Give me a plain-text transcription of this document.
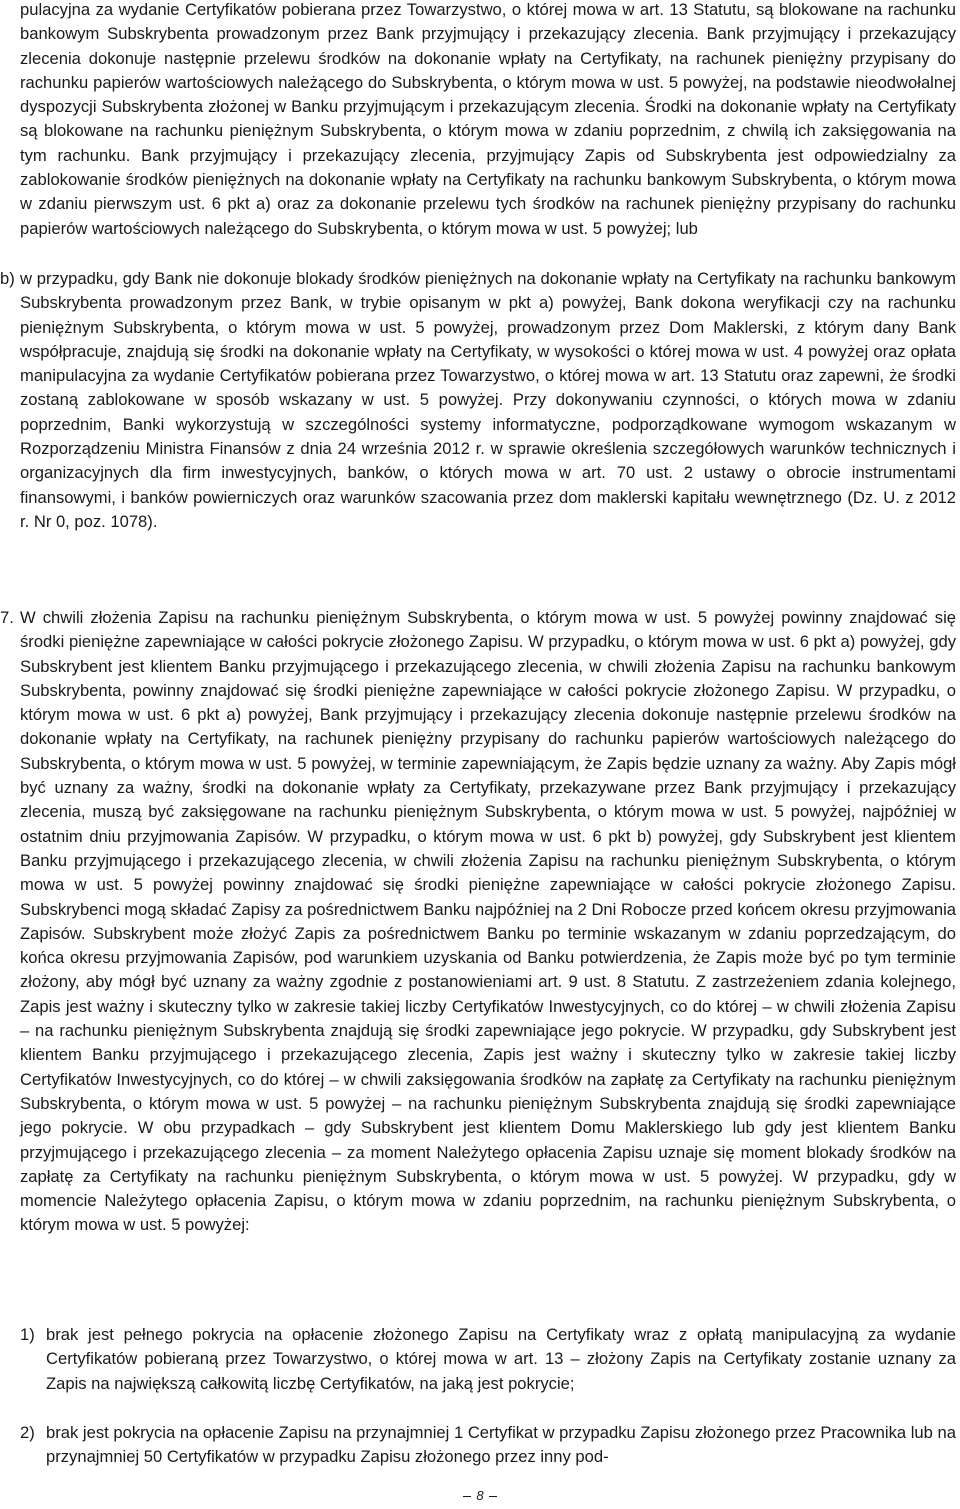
pulacyjna za wydanie Certyfikatów pobierana przez Towarzystwo, o której mowa w art. 13 Statutu, są blokowane na rachunku bankowym Subskrybenta prowadzonym przez Bank przyjmujący i przekazujący zlecenia. Bank przyjmujący i przekazujący zlecenia dokonuje następnie przelewu środków na dokonanie wpłaty na Certyfikaty, na rachunek pieniężny przypisany do rachunku papierów wartościowych należącego do Subskrybenta, o którym mowa w ust. 5 powyżej, na podstawie nieodwołalnej dyspozycji Subskrybenta złożonej w Banku przyjmującym i przekazującym zlecenia. Środki na dokonanie wpłaty na Certyfikaty są blokowane na rachunku pieniężnym Subskrybenta, o którym mowa w zdaniu poprzednim, z chwilą ich zaksięgowania na tym rachunku. Bank przyjmujący i przekazujący zlecenia, przyjmujący Zapis od Subskrybenta jest odpowiedzialny za zablokowanie środków pieniężnych na dokonanie wpłaty na Certyfikaty na rachunku bankowym Subskrybenta, o którym mowa w zdaniu pierwszym ust. 6 pkt a) oraz za dokonanie przelewu tych środków na rachunek pieniężny przypisany do rachunku papierów wartościowych należącego do Subskrybenta, o którym mowa w ust. 5 powyżej; lub

b) w przypadku, gdy Bank nie dokonuje blokady środków pieniężnych na dokonanie wpłaty na Certyfikaty na rachunku bankowym Subskrybenta prowadzonym przez Bank, w trybie opisanym w pkt a) powyżej, Bank dokona weryfikacji czy na rachunku pieniężnym Subskrybenta, o którym mowa w ust. 5 powyżej, prowadzonym przez Dom Maklerski, z którym dany Bank współpracuje, znajdują się środki na dokonanie wpłaty na Certyfikaty, w wysokości o której mowa w ust. 4 powyżej oraz opłata manipulacyjna za wydanie Certyfikatów pobierana przez Towarzystwo, o której mowa w art. 13 Statutu oraz zapewni, że środki zostaną zablokowane w sposób wskazany w ust. 5 powyżej. Przy dokonywaniu czynności, o których mowa w zdaniu poprzednim, Banki wykorzystują w szczególności systemy informatyczne, podporządkowane wymogom wskazanym w Rozporządzeniu Ministra Finansów z dnia 24 września 2012 r. w sprawie określenia szczegółowych warunków technicznych i organizacyjnych dla firm inwestycyjnych, banków, o których mowa w art. 70 ust. 2 ustawy o obrocie instrumentami finansowymi, i banków powierniczych oraz warunków szacowania przez dom maklerski kapitału wewnętrznego (Dz. U. z 2012 r. Nr 0, poz. 1078).
7. W chwili złożenia Zapisu na rachunku pieniężnym Subskrybenta, o którym mowa w ust. 5 powyżej powinny znajdować się środki pieniężne zapewniające w całości pokrycie złożonego Zapisu. W przypadku, o którym mowa w ust. 6 pkt a) powyżej, gdy Subskrybent jest klientem Banku przyjmującego i przekazującego zlecenia, w chwili złożenia Zapisu na rachunku bankowym Subskrybenta, powinny znajdować się środki pieniężne zapewniające w całości pokrycie złożonego Zapisu. W przypadku, o którym mowa w ust. 6 pkt a) powyżej, Bank przyjmujący i przekazujący zlecenia dokonuje następnie przelewu środków na dokonanie wpłaty na Certyfikaty, na rachunek pieniężny przypisany do rachunku papierów wartościowych należącego do Subskrybenta, o którym mowa w ust. 5 powyżej, w terminie zapewniającym, że Zapis będzie uznany za ważny. Aby Zapis mógł być uznany za ważny, środki na dokonanie wpłaty za Certyfikaty, przekazywane przez Bank przyjmujący i przekazujący zlecenia, muszą być zaksięgowane na rachunku pieniężnym Subskrybenta, o którym mowa w ust. 5 powyżej, najpóźniej w ostatnim dniu przyjmowania Zapisów. W przypadku, o którym mowa w ust. 6 pkt b) powyżej, gdy Subskrybent jest klientem Banku przyjmującego i przekazującego zlecenia, w chwili złożenia Zapisu na rachunku pieniężnym Subskrybenta, o którym mowa w ust. 5 powyżej powinny znajdować się środki pieniężne zapewniające w całości pokrycie złożonego Zapisu. Subskrybenci mogą składać Zapisy za pośrednictwem Banku najpóźniej na 2 Dni Robocze przed końcem okresu przyjmowania Zapisów. Subskrybent może złożyć Zapis za pośrednictwem Banku po terminie wskazanym w zdaniu poprzedzającym, do końca okresu przyjmowania Zapisów, pod warunkiem uzyskania od Banku potwierdzenia, że Zapis może być po tym terminie złożony, aby mógł być uznany za ważny zgodnie z postanowieniami art. 9 ust. 8 Statutu. Z zastrzeżeniem zdania kolejnego, Zapis jest ważny i skuteczny tylko w zakresie takiej liczby Certyfikatów Inwestycyjnych, co do której – w chwili złożenia Zapisu – na rachunku pieniężnym Subskrybenta znajdują się środki zapewniające jego pokrycie. W przypadku, gdy Subskrybent jest klientem Banku przyjmującego i przekazującego zlecenia, Zapis jest ważny i skuteczny tylko w zakresie takiej liczby Certyfikatów Inwestycyjnych, co do której – w chwili zaksięgowania środków na zapłatę za Certyfikaty na rachunku pieniężnym Subskrybenta, o którym mowa w ust. 5 powyżej – na rachunku pieniężnym Subskrybenta znajdują się środki zapewniające jego pokrycie. W obu przypadkach – gdy Subskrybent jest klientem Domu Maklerskiego lub gdy jest klientem Banku przyjmującego i przekazującego zlecenia – za moment Należytego opłacenia Zapisu uznaje się moment blokady środków na zapłatę za Certyfikaty na rachunku pieniężnym Subskrybenta, o którym mowa w ust. 5 powyżej. W przypadku, gdy w momencie Należytego opłacenia Zapisu, o którym mowa w zdaniu poprzednim, na rachunku pieniężnym Subskrybenta, o którym mowa w ust. 5 powyżej:
1) brak jest pełnego pokrycia na opłacenie złożonego Zapisu na Certyfikaty wraz z opłatą manipulacyjną za wydanie Certyfikatów pobieraną przez Towarzystwo, o której mowa w art. 13 – złożony Zapis na Certyfikaty zostanie uznany za Zapis na największą całkowitą liczbę Certyfikatów, na jaką jest pokrycie;
2) brak jest pokrycia na opłacenie Zapisu na przynajmniej 1 Certyfikat w przypadku Zapisu złożonego przez Pracownika lub na przynajmniej 50 Certyfikatów w przypadku Zapisu złożonego przez inny pod-
8
